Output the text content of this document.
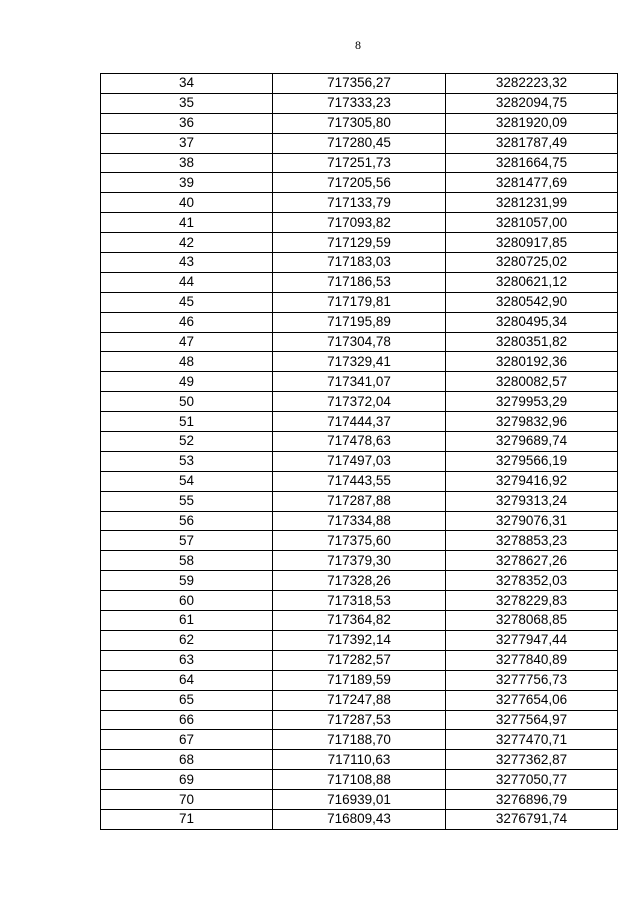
8
34	717356,27	3282223,32
35	717333,23	3282094,75
36	717305,80	3281920,09
37	717280,45	3281787,49
38	717251,73	3281664,75
39	717205,56	3281477,69
40	717133,79	3281231,99
41	717093,82	3281057,00
42	717129,59	3280917,85
43	717183,03	3280725,02
44	717186,53	3280621,12
45	717179,81	3280542,90
46	717195,89	3280495,34
47	717304,78	3280351,82
48	717329,41	3280192,36
49	717341,07	3280082,57
50	717372,04	3279953,29
51	717444,37	3279832,96
52	717478,63	3279689,74
53	717497,03	3279566,19
54	717443,55	3279416,92
55	717287,88	3279313,24
56	717334,88	3279076,31
57	717375,60	3278853,23
58	717379,30	3278627,26
59	717328,26	3278352,03
60	717318,53	3278229,83
61	717364,82	3278068,85
62	717392,14	3277947,44
63	717282,57	3277840,89
64	717189,59	3277756,73
65	717247,88	3277654,06
66	717287,53	3277564,97
67	717188,70	3277470,71
68	717110,63	3277362,87
69	717108,88	3277050,77
70	716939,01	3276896,79
71	716809,43	3276791,74
